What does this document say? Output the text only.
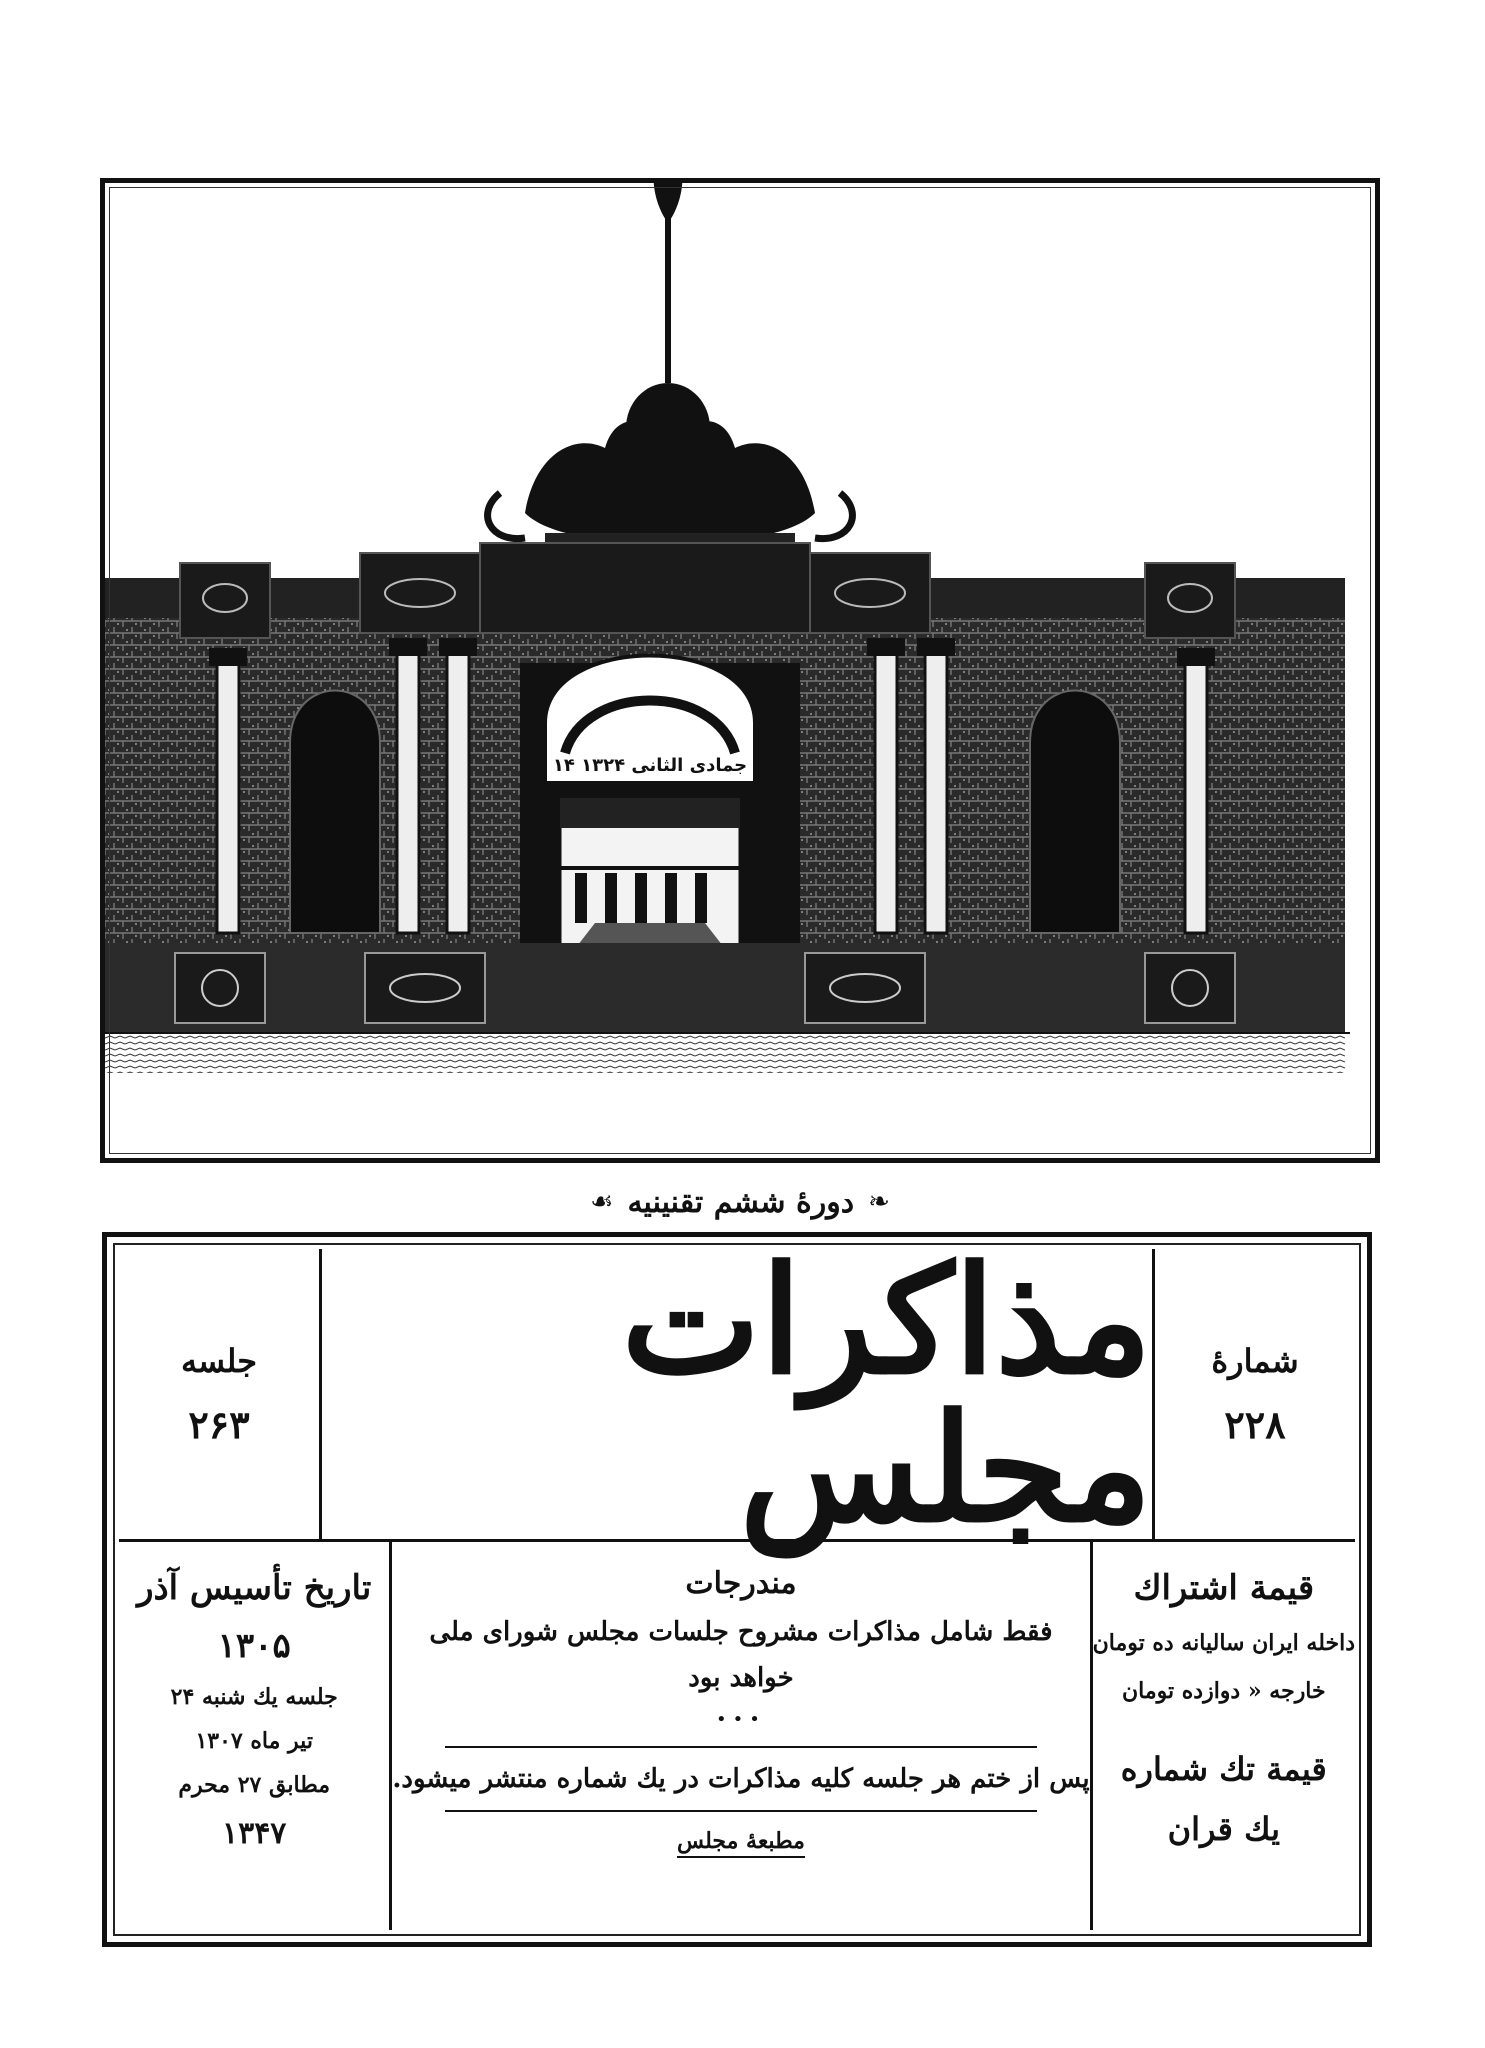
۱۴ جمادی الثانی ۱۳۲۴
❧
دورهٔ ششم تقنینیه
☙
شمارهٔ
۲۲۸
مذاکرات مجلس
جلسه
۲۶۳
قیمة اشتراك
داخله ایران سالیانه ده تومان
خارجه « دوازده تومان
قیمة تك شماره
یك قران
مندرجات
فقط شامل مذاکرات مشروح جلسات مجلس شورای ملی
خواهد بود
•••
پس از ختم هر جلسه کلیه مذاکرات در یك شماره منتشر میشود.
مطبعهٔ مجلس
تاریخ تأسیس آذر
۱۳۰۵
جلسه یك شنبه ۲۴
تیر ماه ۱۳۰۷
مطابق ۲۷ محرم
۱۳۴۷
